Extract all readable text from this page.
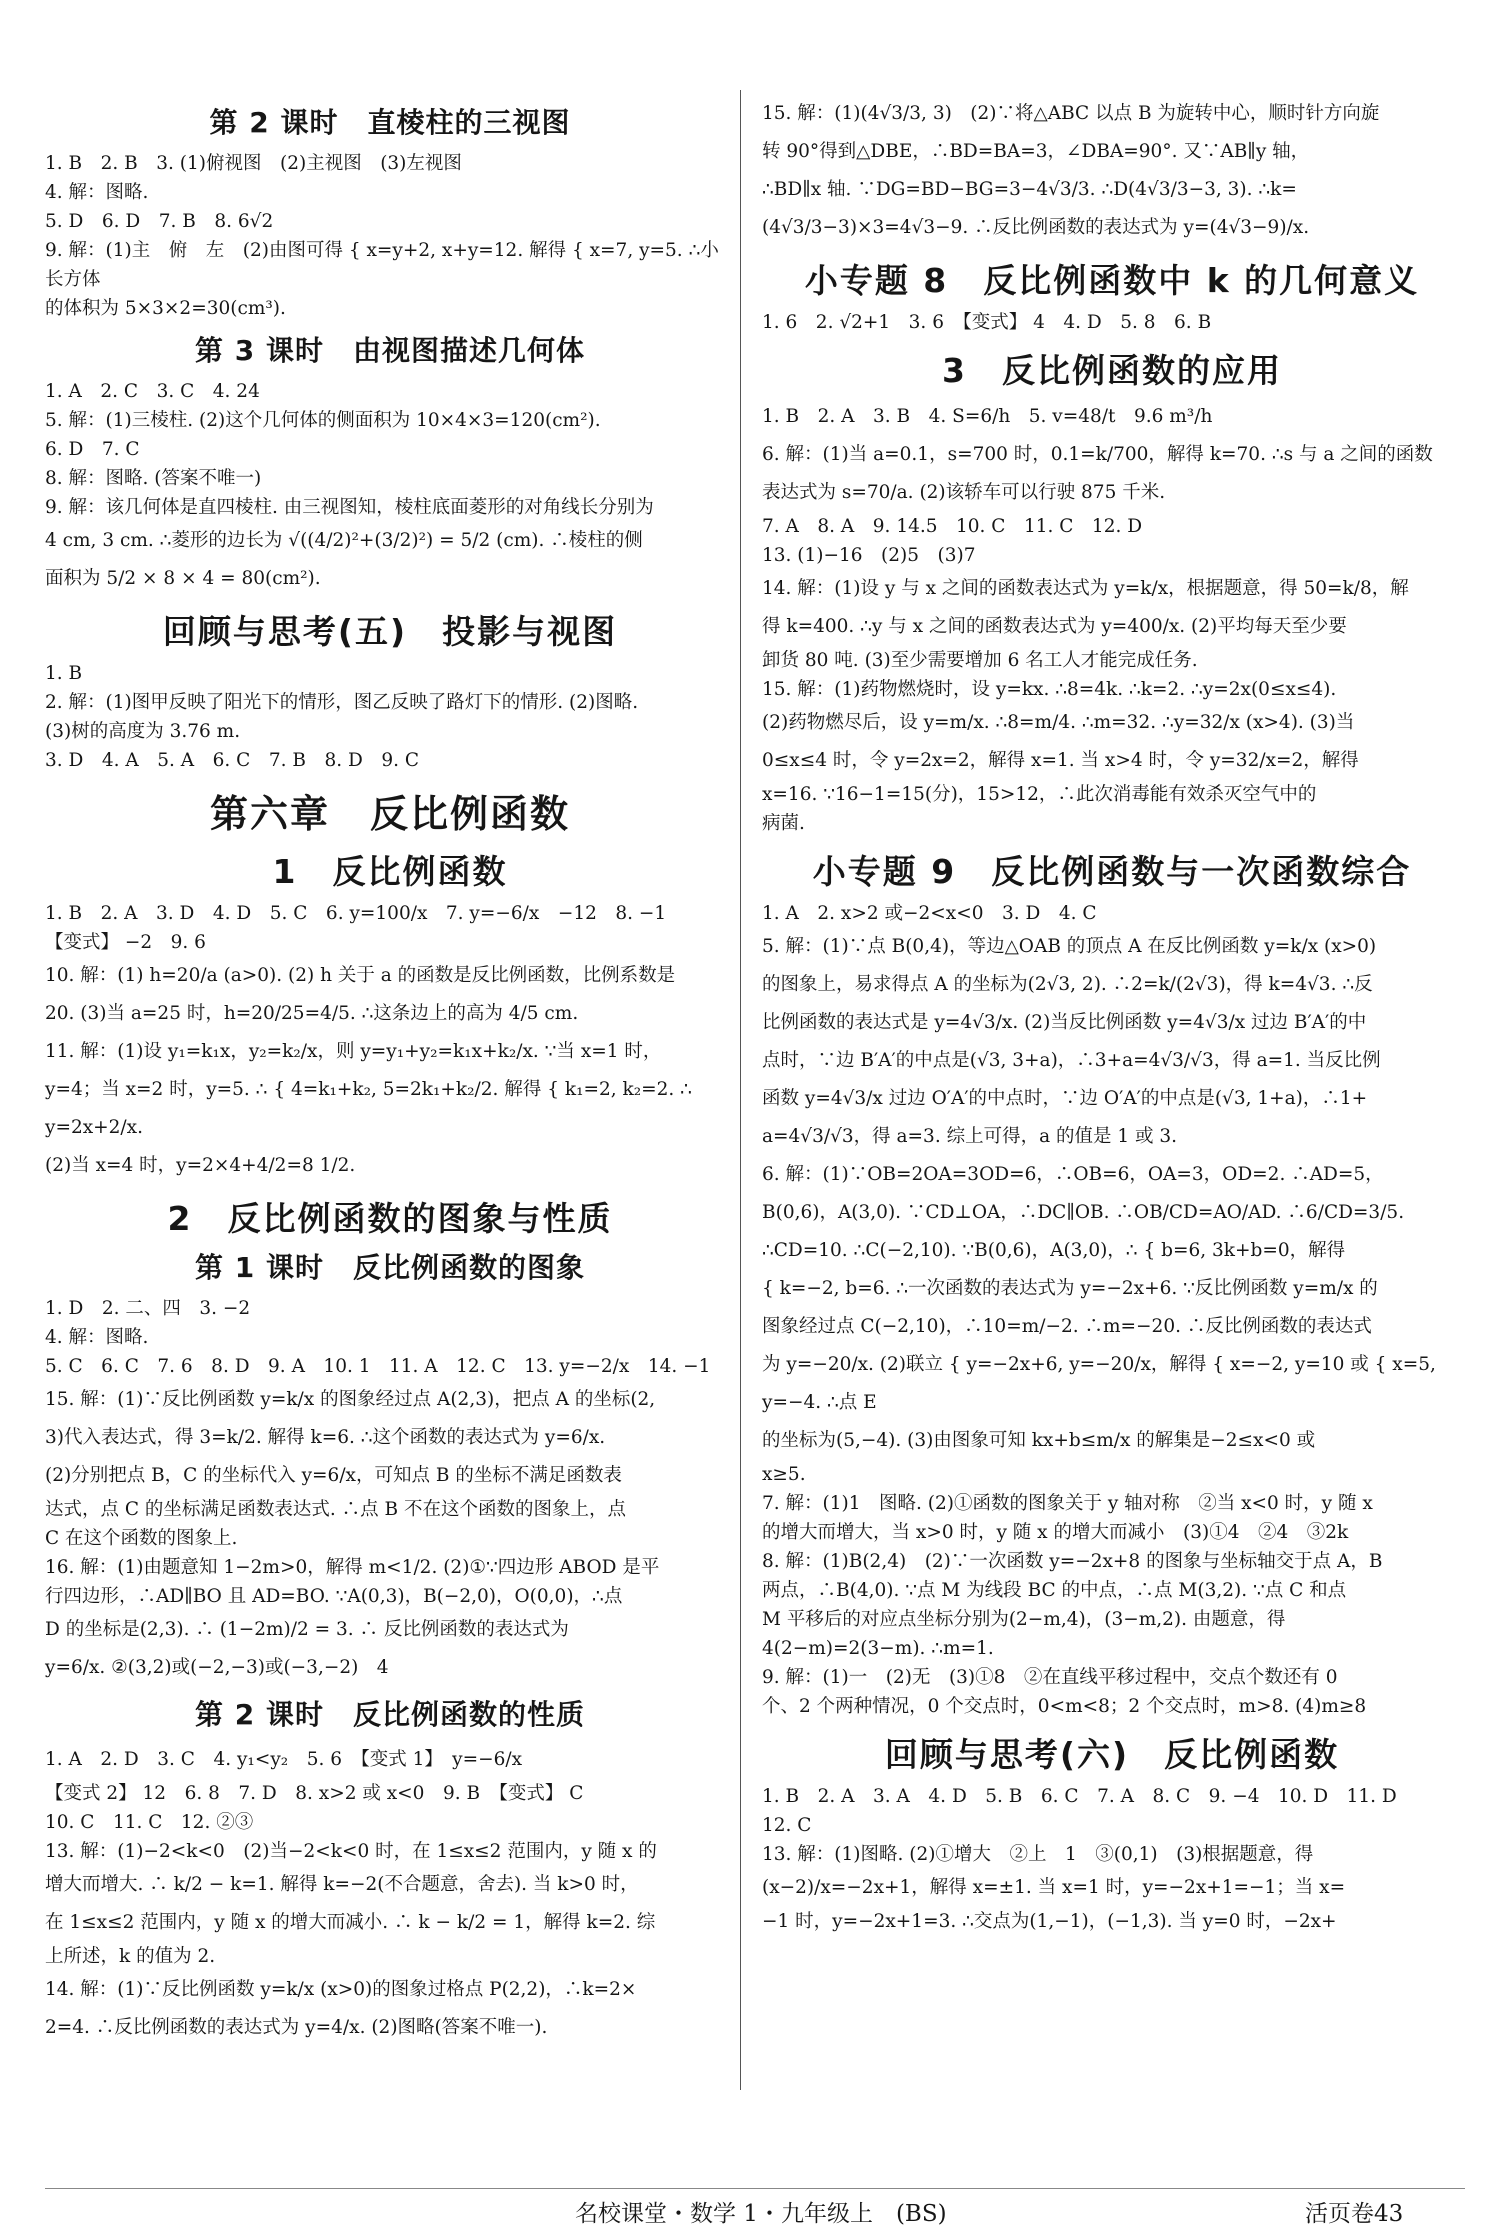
第 2 课时　直棱柱的三视图
1. B　2. B　3. (1)俯视图　(2)主视图　(3)左视图
4. 解：图略.
5. D　6. D　7. B　8. 6√2
9. 解：(1)主　俯　左　(2)由图可得 { x=y+2, x+y=12. 解得 { x=7, y=5. ∴小长方体
的体积为 5×3×2=30(cm³).
第 3 课时　由视图描述几何体
1. A　2. C　3. C　4. 24
5. 解：(1)三棱柱. (2)这个几何体的侧面积为 10×4×3=120(cm²).
6. D　7. C
8. 解：图略. (答案不唯一)
9. 解：该几何体是直四棱柱. 由三视图知，棱柱底面菱形的对角线长分别为
4 cm, 3 cm. ∴菱形的边长为 √((4/2)²+(3/2)²) = 5/2 (cm). ∴棱柱的侧
面积为 5/2 × 8 × 4 = 80(cm²).
回顾与思考(五)　投影与视图
1. B
2. 解：(1)图甲反映了阳光下的情形，图乙反映了路灯下的情形. (2)图略.
(3)树的高度为 3.76 m.
3. D　4. A　5. A　6. C　7. B　8. D　9. C
第六章　反比例函数
1　反比例函数
1. B　2. A　3. D　4. D　5. C　6. y=100/x　7. y=−6/x　−12　8. −1
【变式】 −2　9. 6
10. 解：(1) h=20/a (a>0). (2) h 关于 a 的函数是反比例函数，比例系数是
20. (3)当 a=25 时，h=20/25=4/5. ∴这条边上的高为 4/5 cm.
11. 解：(1)设 y₁=k₁x，y₂=k₂/x，则 y=y₁+y₂=k₁x+k₂/x. ∵当 x=1 时，
y=4；当 x=2 时，y=5. ∴ { 4=k₁+k₂, 5=2k₁+k₂/2. 解得 { k₁=2, k₂=2. ∴ y=2x+2/x.
(2)当 x=4 时，y=2×4+4/2=8 1/2.
2　反比例函数的图象与性质
第 1 课时　反比例函数的图象
1. D　2. 二、四　3. −2
4. 解：图略.
5. C　6. C　7. 6　8. D　9. A　10. 1　11. A　12. C　13. y=−2/x　14. −1
15. 解：(1)∵反比例函数 y=k/x 的图象经过点 A(2,3)，把点 A 的坐标(2,
3)代入表达式，得 3=k/2. 解得 k=6. ∴这个函数的表达式为 y=6/x.
(2)分别把点 B，C 的坐标代入 y=6/x，可知点 B 的坐标不满足函数表
达式，点 C 的坐标满足函数表达式. ∴点 B 不在这个函数的图象上，点
C 在这个函数的图象上.
16. 解：(1)由题意知 1−2m>0，解得 m<1/2. (2)①∵四边形 ABOD 是平
行四边形，∴AD∥BO 且 AD=BO. ∵A(0,3)，B(−2,0)，O(0,0)，∴点
D 的坐标是(2,3). ∴ (1−2m)/2 = 3. ∴ 反比例函数的表达式为
y=6/x. ②(3,2)或(−2,−3)或(−3,−2)　4
第 2 课时　反比例函数的性质
1. A　2. D　3. C　4. y₁<y₂　5. 6　【变式 1】　y=−6/x
【变式 2】 12　6. 8　7. D　8. x>2 或 x<0　9. B　【变式】 C
10. C　11. C　12. ②③
13. 解：(1)−2<k<0　(2)当−2<k<0 时，在 1≤x≤2 范围内，y 随 x 的
增大而增大. ∴ k/2 − k=1. 解得 k=−2(不合题意，舍去). 当 k>0 时，
在 1≤x≤2 范围内，y 随 x 的增大而减小. ∴ k − k/2 = 1，解得 k=2. 综
上所述，k 的值为 2.
14. 解：(1)∵反比例函数 y=k/x (x>0)的图象过格点 P(2,2)，∴k=2×
2=4. ∴反比例函数的表达式为 y=4/x. (2)图略(答案不唯一).
15. 解：(1)(4√3/3, 3)　(2)∵将△ABC 以点 B 为旋转中心，顺时针方向旋
转 90°得到△DBE，∴BD=BA=3，∠DBA=90°. 又∵AB∥y 轴，
∴BD∥x 轴. ∵DG=BD−BG=3−4√3/3. ∴D(4√3/3−3, 3). ∴k=
(4√3/3−3)×3=4√3−9. ∴反比例函数的表达式为 y=(4√3−9)/x.
小专题 8　反比例函数中 k 的几何意义
1. 6　2. √2+1　3. 6　【变式】 4　4. D　5. 8　6. B
3　反比例函数的应用
1. B　2. A　3. B　4. S=6/h　5. v=48/t　9.6 m³/h
6. 解：(1)当 a=0.1，s=700 时，0.1=k/700，解得 k=70. ∴s 与 a 之间的函数
表达式为 s=70/a. (2)该轿车可以行驶 875 千米.
7. A　8. A　9. 14.5　10. C　11. C　12. D
13. (1)−16　(2)5　(3)7
14. 解：(1)设 y 与 x 之间的函数表达式为 y=k/x，根据题意，得 50=k/8，解
得 k=400. ∴y 与 x 之间的函数表达式为 y=400/x. (2)平均每天至少要
卸货 80 吨. (3)至少需要增加 6 名工人才能完成任务.
15. 解：(1)药物燃烧时，设 y=kx. ∴8=4k. ∴k=2. ∴y=2x(0≤x≤4).
(2)药物燃尽后，设 y=m/x. ∴8=m/4. ∴m=32. ∴y=32/x (x>4). (3)当
0≤x≤4 时，令 y=2x=2，解得 x=1. 当 x>4 时，令 y=32/x=2，解得
x=16. ∵16−1=15(分)，15>12，∴此次消毒能有效杀灭空气中的
病菌.
小专题 9　反比例函数与一次函数综合
1. A　2. x>2 或−2<x<0　3. D　4. C
5. 解：(1)∵点 B(0,4)，等边△OAB 的顶点 A 在反比例函数 y=k/x (x>0)
的图象上，易求得点 A 的坐标为(2√3, 2). ∴2=k/(2√3)，得 k=4√3. ∴反
比例函数的表达式是 y=4√3/x. (2)当反比例函数 y=4√3/x 过边 B′A′的中
点时，∵边 B′A′的中点是(√3, 3+a)，∴3+a=4√3/√3，得 a=1. 当反比例
函数 y=4√3/x 过边 O′A′的中点时，∵边 O′A′的中点是(√3, 1+a)，∴1+
a=4√3/√3，得 a=3. 综上可得，a 的值是 1 或 3.
6. 解：(1)∵OB=2OA=3OD=6，∴OB=6，OA=3，OD=2. ∴AD=5，
B(0,6)，A(3,0). ∵CD⊥OA，∴DC∥OB. ∴OB/CD=AO/AD. ∴6/CD=3/5.
∴CD=10. ∴C(−2,10). ∵B(0,6)，A(3,0)，∴ { b=6, 3k+b=0，解得
{ k=−2, b=6. ∴一次函数的表达式为 y=−2x+6. ∵反比例函数 y=m/x 的
图象经过点 C(−2,10)，∴10=m/−2. ∴m=−20. ∴反比例函数的表达式
为 y=−20/x. (2)联立 { y=−2x+6, y=−20/x，解得 { x=−2, y=10 或 { x=5, y=−4. ∴点 E
的坐标为(5,−4). (3)由图象可知 kx+b≤m/x 的解集是−2≤x<0 或
x≥5.
7. 解：(1)1　图略. (2)①函数的图象关于 y 轴对称　②当 x<0 时，y 随 x
的增大而增大，当 x>0 时，y 随 x 的增大而减小　(3)①4　②4　③2k
8. 解：(1)B(2,4)　(2)∵一次函数 y=−2x+8 的图象与坐标轴交于点 A，B
两点，∴B(4,0). ∵点 M 为线段 BC 的中点，∴点 M(3,2). ∵点 C 和点
M 平移后的对应点坐标分别为(2−m,4)，(3−m,2). 由题意，得
4(2−m)=2(3−m). ∴m=1.
9. 解：(1)一　(2)无　(3)①8　②在直线平移过程中，交点个数还有 0
个、2 个两种情况，0 个交点时，0<m<8；2 个交点时，m>8. (4)m≥8
回顾与思考(六)　反比例函数
1. B　2. A　3. A　4. D　5. B　6. C　7. A　8. C　9. −4　10. D　11. D
12. C
13. 解：(1)图略. (2)①增大　②上　1　③(0,1)　(3)根据题意，得
(x−2)/x=−2x+1，解得 x=±1. 当 x=1 时，y=−2x+1=−1；当 x=
−1 时，y=−2x+1=3. ∴交点为(1,−1)，(−1,3). 当 y=0 时，−2x+
名校课堂・数学 1・九年级上　(BS)	活页卷43
